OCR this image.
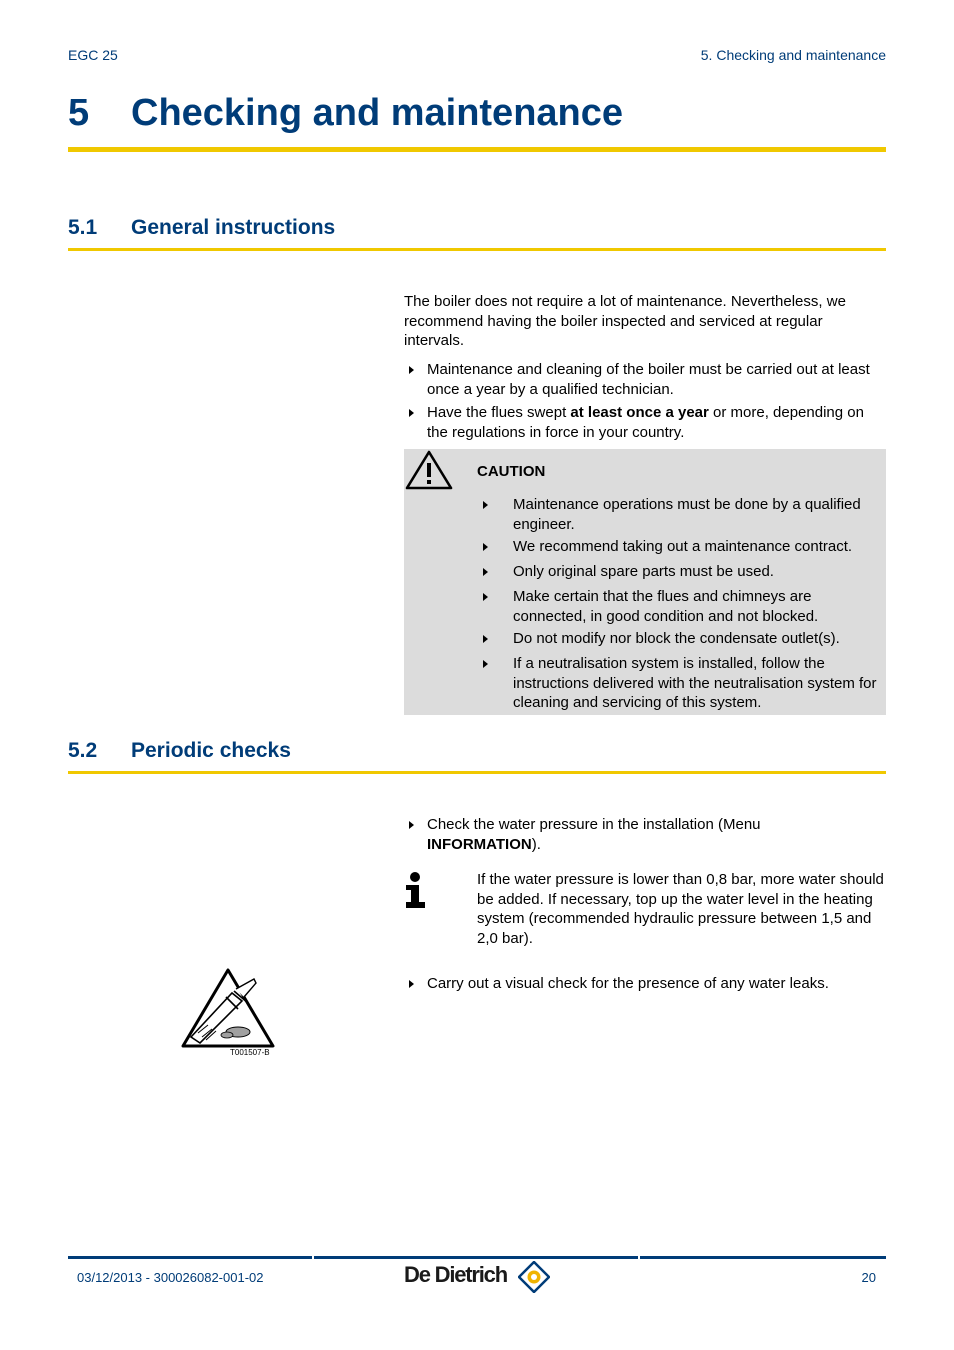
EGC 25	5. Checking and maintenance
5 Checking and maintenance
5.1 General instructions
The boiler does not require a lot of maintenance. Nevertheless, we recommend having the boiler inspected and serviced at regular intervals.
Maintenance and cleaning of the boiler must be carried out at least once a year by a qualified technician.
Have the flues swept at least once a year or more, depending on the regulations in force in your country.
CAUTION
Maintenance operations must be done by a qualified engineer.
We recommend taking out a maintenance contract.
Only original spare parts must be used.
Make certain that the flues and chimneys are connected, in good condition and not blocked.
Do not modify nor block the condensate outlet(s).
If a neutralisation system is installed, follow the instructions delivered with the neutralisation system for cleaning and servicing of this system.
5.2 Periodic checks
Check the water pressure in the installation (Menu INFORMATION).
If the water pressure is lower than 0,8 bar, more water should be added. If necessary, top up the water level in the heating system (recommended hydraulic pressure between 1,5 and 2,0 bar).
Carry out a visual check for the presence of any water leaks.
T001507-B
03/12/2013 - 300026082-001-02	De Dietrich	20
